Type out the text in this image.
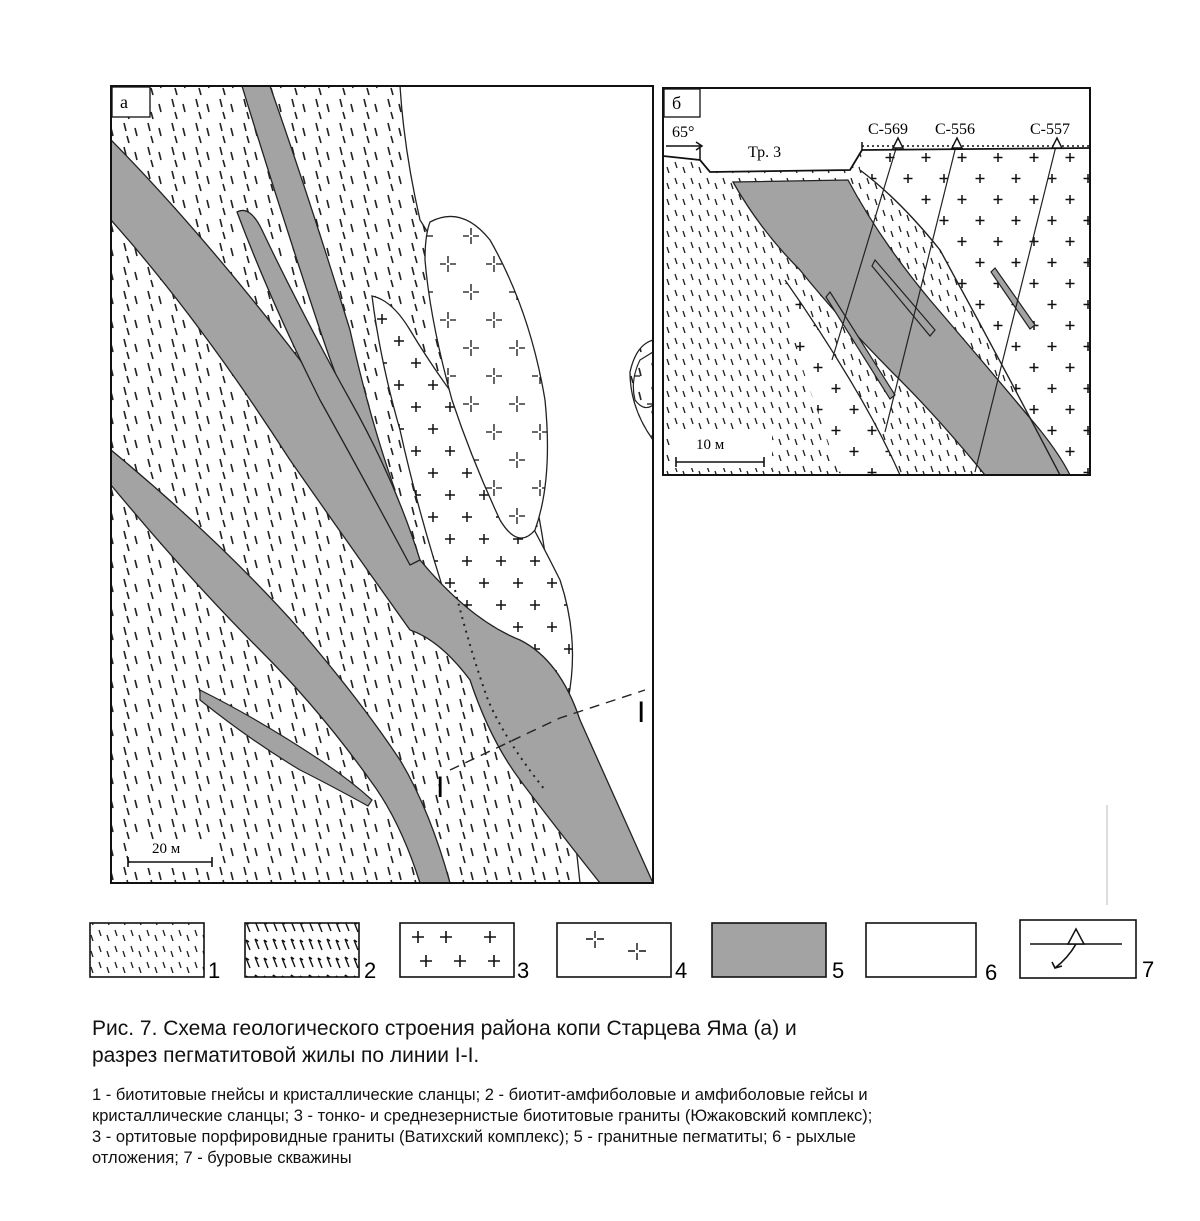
а
I
I
20 м
б
65°
Тр. 3
С-569 С-556	С-557
10 м
1	2	3	4	5	6	7
Рис. 7. Схема геологического строения района копи Старцева Яма (а) и
разрез пегматитовой жилы по линии I-I.
1 - биотитовые гнейсы и кристаллические сланцы; 2 - биотит-амфиболовые и амфиболовые гейсы и
кристаллические сланцы; 3 - тонко- и среднезернистые биотитовые граниты (Южаковский комплекс);
3 - ортитовые порфировидные граниты (Ватихский комплекс); 5 - гранитные пегматиты; 6 - рыхлые
отложения; 7 - буровые скважины
